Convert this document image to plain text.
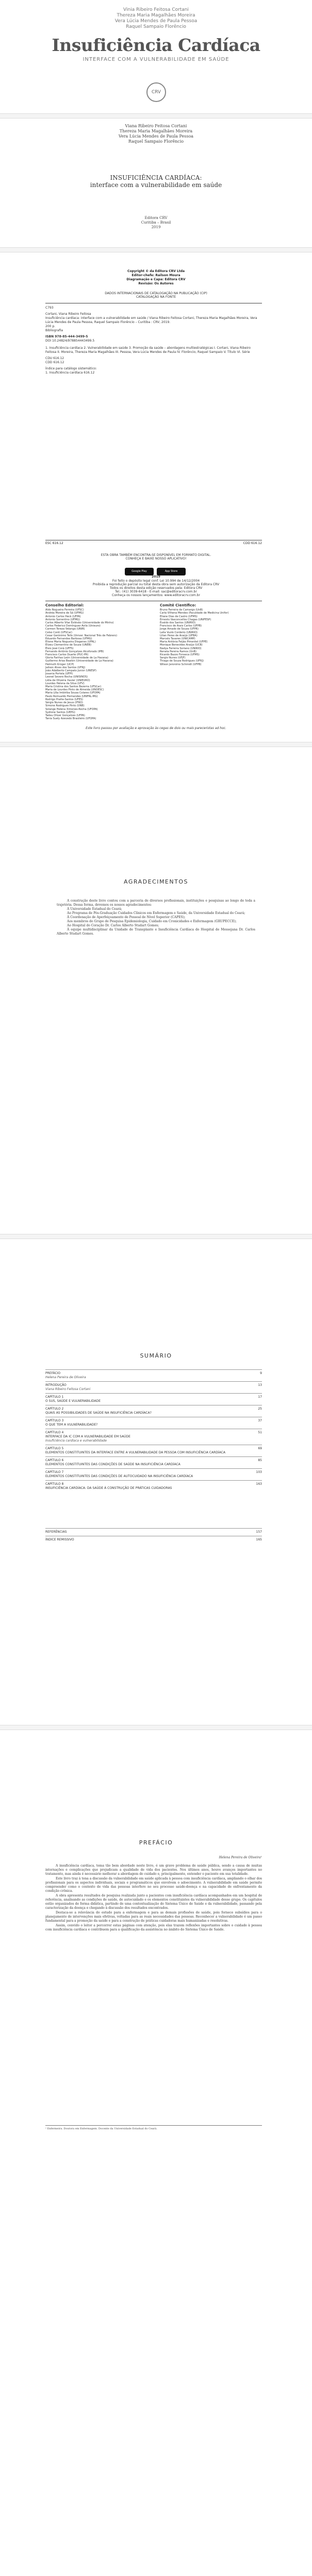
Vinia Ribeiro Feitosa Cortani
Thereza Maria Magalhães Moreira
Vera Lúcia Mendes de Paula Pessoa
Raquel Sampaio Florêncio
Insuficiência Cardíaca
INTERFACE COM A VULNERABILIDADE EM SAÚDE
CRV
Viana Ribeiro Feitosa Cortani
Thereza Maria Magalhães Moreira
Vera Lúcia Mendes de Paula Pessoa
Raquel Sampaio Florêncio
INSUFICIÊNCIA CARDÍACA:
interface com a vulnerabilidade em saúde
Editora CRV
Curitiba – Brasil
2019
Copyright © da Editora CRV Ltda
Editor-chefe: Railson Moura
Diagramação e Capa: Editora CRV
Revisão: Os Autores
DADOS INTERNACIONAIS DE CATALOGAÇÃO NA PUBLICAÇÃO (CIP)
CATALOGAÇÃO NA FONTE
C793
Cortani, Viana Ribeiro Feitosa
Insuficiência cardíaca: interface com a vulnerabilidade em saúde / Viana Ribeiro Feitosa Cortani, Thereza Maria Magalhães Moreira, Vera Lúcia Mendes de Paula Pessoa, Raquel Sampaio Florêncio – Curitiba : CRV, 2019.
200 p.
Bibliografia
ISBN 978-85-444-3499-5
DOI 10.24824/978854443499.5
1. Insuficiência cardíaca 2. Vulnerabilidade em saúde 3. Promoção da saúde – abordagens multiestratégicas I. Cortani, Viana Ribeiro Feitosa II. Moreira, Thereza Maria Magalhães III. Pessoa, Vera Lúcia Mendes de Paula IV. Florêncio, Raquel Sampaio V. Título VI. Série
CDU 616.12
CDD 616.12
Índice para catálogo sistemático:
1. Insuficiência cardíaca 616.12
ESC 616.12	CDD 616.12
ESTA OBRA TAMBÉM ENCONTRA-SE DISPONÍVEL EM FORMATO DIGITAL.
CONHEÇA E BAIXE NOSSO APLICATIVO!
Google Play	App Store
2019
Foi feito o depósito legal conf. Lei 10.994 de 14/12/2004
Proibida a reprodução parcial ou total desta obra sem autorização da Editora CRV
Todos os direitos desta edição reservados pela: Editora CRV
Tel.: (41) 3039-6418 - E-mail: sac@editoracrv.com.br
Conheça os nossos lançamentos: www.editoracrv.com.br
Conselho Editorial:
Aldo Nogueira Ferreira (UFSC)
Andréa Moreira de Sá (UFMG)
Antonio Carlos Heck (UFPA)
Antonio Sorrentino (UFMG)
Carlos Alberto Vilar Estêvão (Universidade do Minho)
Carlos Federico Domínguez Avila (Unieuro)
Carmen Tereza Velanga (UNIR)
Celso Conti (UFSCar)
Cesar Gerónimo Tello (Univer. Nacional Três de Febrero)
Eduardo Fernandes Barbosa (UFMG)
Elione Maria Nogueira Diogenes (UFAL)
Elizeu Clementino de Souza (UNEB)
Élsio José Corá (UFFS)
Fernando Antônio Gonçalves Alcoforado (IPB)
Francisco Carlos Duarte (PUC-PR)
Gloria Fariñas León (Universidade de La Havana)
Guillermo Arias Beatón (Universidade de La Havana)
Helmuth Krüger (UCP)
Jailson Alves dos Santos (UFRJ)
João Adalberto Campato Junior (UNESP)
Josania Portela (UFPI)
Leonel Severo Rocha (UNISINOS)
Lídia de Oliveira Xavier (UNIEURO)
Lourdes Helena da Silva (UFV)
Maria Cristina dos Santos Bezerra (UFSCar)
Maria de Lourdes Pinto de Almeida (UNOESC)
Maria Lília Imbiriba Sousa Colares (UFOPA)
Paulo Romualdo Hernandes (UNIFAL-MG)
Rodrigo Pratte-Santos (UFES)
Sérgio Nunes de Jesus (IFRO)
Simone Rodrigues Pinto (UNB)
Solange Helena Ximenes-Rocha (UFOPA)
Sydione Santos (UEPG)
Tadeu Oliver Gonçalves (UFPA)
Tania Suely Azevedo Brasileiro (UFOPA)
Comitê Científico:
Bruno Ferreira de Camargo (UnB)
Carla Vilhena Mendes (Faculdade de Medicina Unifor)
Eliane Dias de Castro (UFMS)
Ernesto Vasconcellos Chagas (UNIFESP)
Evaldo dos Santos (UNIRIO)
Francisco de Assis Carlos (UFPB)
Jorge Amado de Souza (UFPR)
Leila Vuolo Cordeiro (UNIRIO)
Lilian Peres de Araújo (UFBA)
Marcelo Tavares (UNICAMP)
Maria Antônia Feijão Pimentel (UFPE)
Monique Benevides Araújo (UCB)
Nadya Ferreira Soriano (UNIRIO)
Renata Pereira Ramos (UnB)
Ricardo Bazzo Fonseca (UFMS)
Sergio Nunes (UFJF)
Thiago de Souza Rodrigues (UFRJ)
Wilson Jeronimo Schmidt (UFPB)
Este livro passou por avaliação e aprovação às cegas de dois ou mais pareceristas ad hoc.
AGRADECIMENTOS

A construção deste livro contou com a parceria de diversos profissionais, instituições e pesquisas ao longo de toda a trajetória. Dessa forma, devemos os nossos agradecimentos:

À Universidade Estadual do Ceará;

Ao Programa de Pós-Graduação Cuidados Clínicos em Enfermagem e Saúde, da Universidade Estadual do Ceará;

À Coordenação de Aperfeiçoamento de Pessoal de Nível Superior (CAPES);

Aos membros do Grupo de Pesquisa Epidemiologia, Cuidado em Cronicidades e Enfermagem (GRUPECCE);

Ao Hospital do Coração Dr. Carlos Alberto Studart Gomes;

À equipe multidisciplinar da Unidade de Transplante e Insuficiência Cardíaca do Hospital de Messejana Dr. Carlos Alberto Studart Gomes.

SUMÁRIO
PREFÁCIO
Helena Pereira de Oliveira
9
INTRODUÇÃO
Viana Ribeiro Feitosa Cortani
13
CAPÍTULO 1
O SUS, SAÚDE E VULNERABILIDADE
17
CAPÍTULO 2
QUAIS AS POSSIBILIDADES DE SAÚDE NA INSUFICIÊNCIA CARDÍACA?
25
CAPÍTULO 3
O QUE TEM A VULNERABILIDADE?
37
CAPÍTULO 4
INTERFACE DA IC COM A VULNERABILIDADE EM SAÚDE
Insuficiência cardíaca e vulnerabilidade
51
CAPÍTULO 5
ELEMENTOS CONSTITUINTES DA INTERFACE ENTRE A VULNERABILIDADE DA PESSOA COM INSUFICIÊNCIA CARDÍACA
69
CAPÍTULO 6
ELEMENTOS CONSTITUINTES DAS CONDIÇÕES DE SAÚDE NA INSUFICIÊNCIA CARDÍACA
85
CAPÍTULO 7
ELEMENTOS CONSTITUINTES DAS CONDIÇÕES DE AUTOCUIDADO NA INSUFICIÊNCIA CARDÍACA
103
CAPÍTULO 8
INSUFICIÊNCIA CARDÍACA: DA SAÚDE À CONSTRUÇÃO DE PRÁTICAS CUIDADORAS
163
REFERÊNCIAS	157
ÍNDICE REMISSIVO	165
PREFÁCIO
Helena Pereira de Oliveira¹

A insuficiência cardíaca, tema tão bem abordado neste livro, é um grave problema de saúde pública, sendo a causa de muitas internações e complicações que prejudicam a qualidade de vida dos pacientes. Nos últimos anos, houve avanços importantes no tratamento, mas ainda é necessário melhorar a abordagem do cuidado e, principalmente, entender o paciente em sua totalidade.

Este livro traz à tona a discussão da vulnerabilidade em saúde aplicada à pessoa com insuficiência cardíaca, ampliando o olhar dos profissionais para os aspectos individuais, sociais e programáticos que envolvem o adoecimento. A vulnerabilidade em saúde permite compreender como o contexto de vida das pessoas interfere no seu processo saúde-doença e na capacidade de enfrentamento da condição crônica.

A obra apresenta resultados de pesquisa realizada junto a pacientes com insuficiência cardíaca acompanhados em um hospital de referência, analisando as condições de saúde, de autocuidado e os elementos constituintes da vulnerabilidade desse grupo. Os capítulos estão organizados de forma didática, partindo de uma contextualização do Sistema Único de Saúde e da vulnerabilidade, passando pela caracterização da doença e chegando à discussão dos resultados encontrados.

Destaca-se a relevância do estudo para a enfermagem e para as demais profissões de saúde, pois fornece subsídios para o planejamento de intervenções mais efetivas, voltadas para as reais necessidades das pessoas. Reconhecer a vulnerabilidade é um passo fundamental para a promoção da saúde e para a construção de práticas cuidadoras mais humanizadas e resolutivas.

Assim, convido o leitor a percorrer estas páginas com atenção, pois elas trazem reflexões importantes sobre o cuidado à pessoa com insuficiência cardíaca e contribuem para a qualificação da assistência no âmbito do Sistema Único de Saúde.

¹ Enfermeira. Doutora em Enfermagem. Docente da Universidade Estadual do Ceará.
